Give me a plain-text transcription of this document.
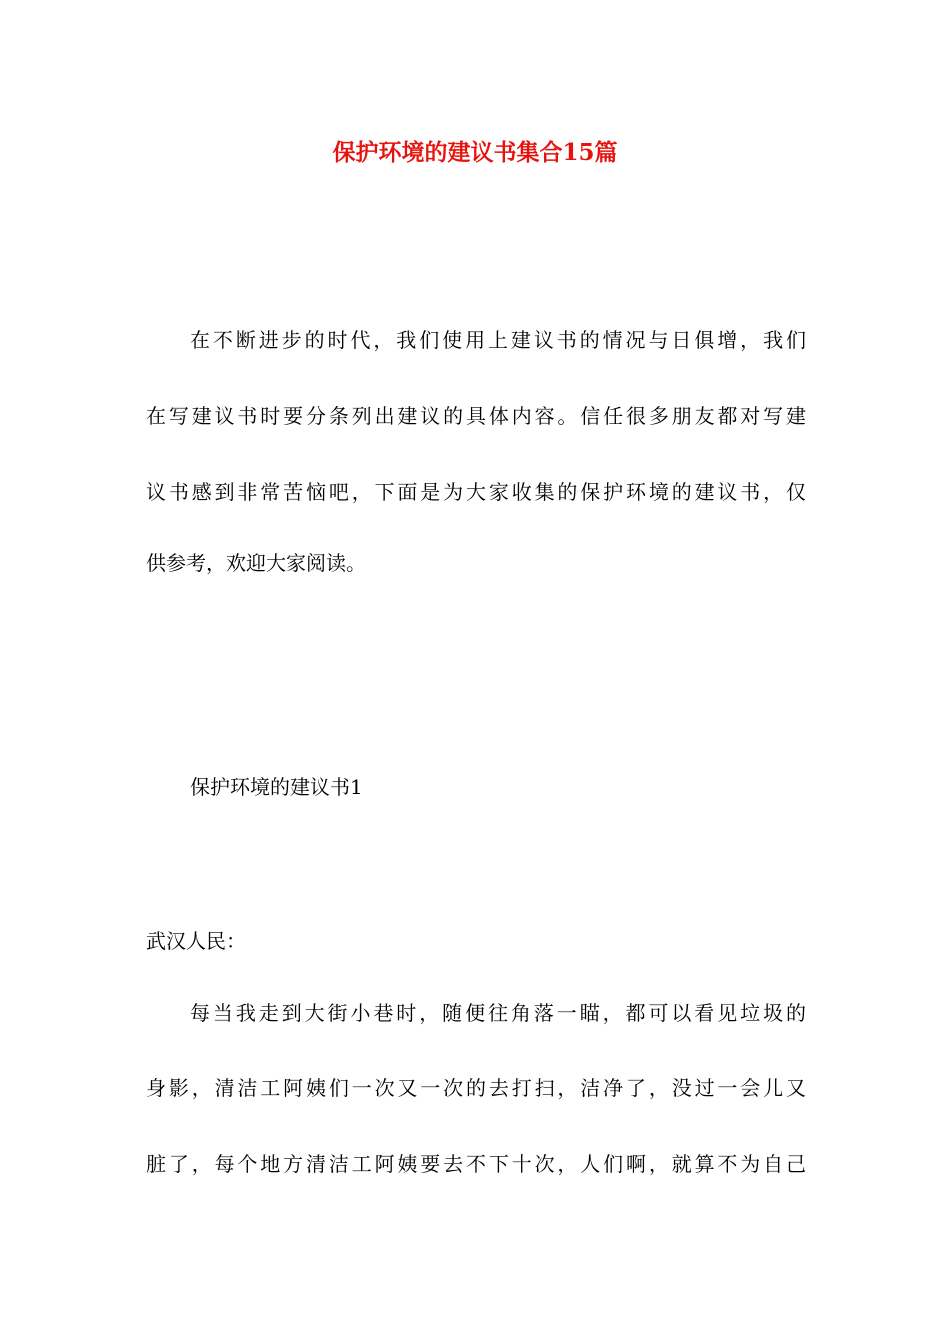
保护环境的建议书集合15篇
在不断进步的时代，我们使用上建议书的情况与日俱增，我们
在写建议书时要分条列出建议的具体内容。信任很多朋友都对写建
议书感到非常苦恼吧，下面是为大家收集的保护环境的建议书，仅
供参考，欢迎大家阅读。
保护环境的建议书1
武汉人民：
每当我走到大街小巷时，随便往角落一瞄，都可以看见垃圾的
身影，清洁工阿姨们一次又一次的去打扫，洁净了，没过一会儿又
脏了，每个地方清洁工阿姨要去不下十次，人们啊，就算不为自己
